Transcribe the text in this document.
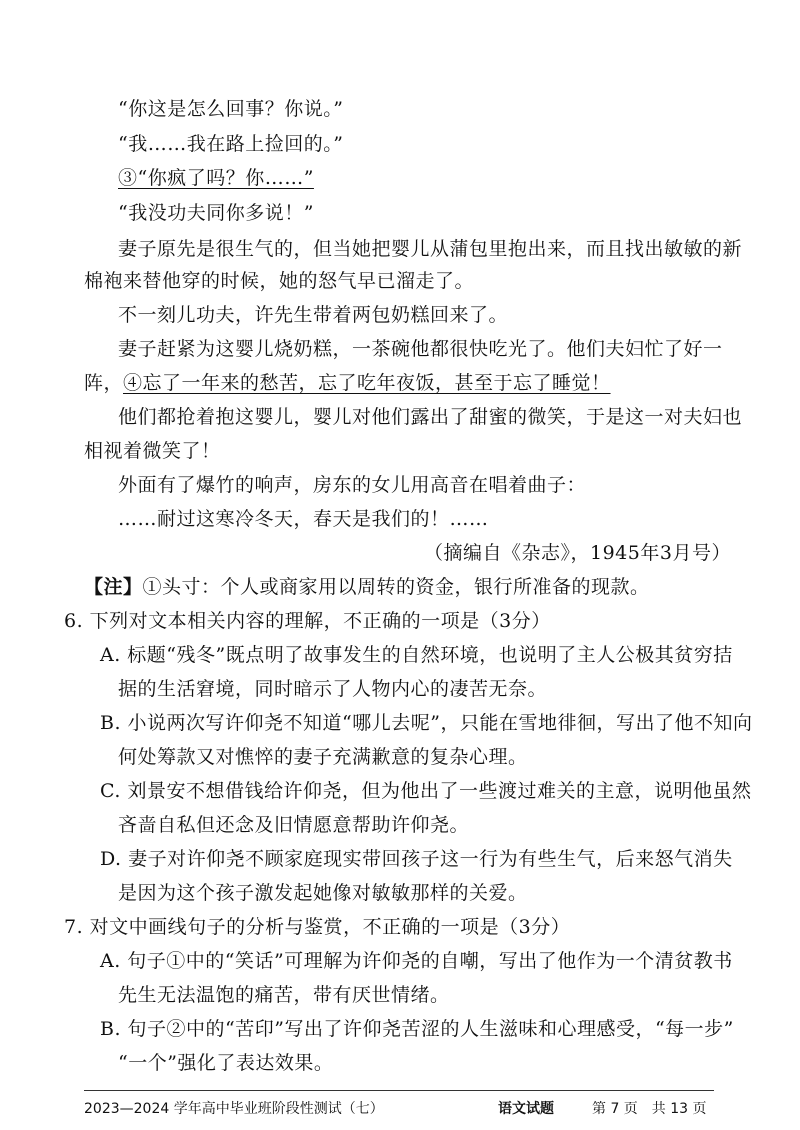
“你这是怎么回事？你说。”
“我……我在路上捡回的。”
③“你疯了吗？你……”
“我没功夫同你多说！”
妻子原先是很生气的，但当她把婴儿从蒲包里抱出来，而且找出敏敏的新
棉袍来替他穿的时候，她的怒气早已溜走了。
不一刻儿功夫，许先生带着两包奶糕回来了。
妻子赶紧为这婴儿烧奶糕，一茶碗他都很快吃光了。他们夫妇忙了好一
阵，④忘了一年来的愁苦，忘了吃年夜饭，甚至于忘了睡觉！
他们都抢着抱这婴儿，婴儿对他们露出了甜蜜的微笑，于是这一对夫妇也
相视着微笑了！
外面有了爆竹的响声，房东的女儿用高音在唱着曲子：
……耐过这寒冷冬天，春天是我们的！……
（摘编自《杂志》，1945年3月号）
【注】①头寸：个人或商家用以周转的资金，银行所准备的现款。
6. 下列对文本相关内容的理解，不正确的一项是（3分）
A. 标题“残冬”既点明了故事发生的自然环境，也说明了主人公极其贫穷拮
据的生活窘境，同时暗示了人物内心的凄苦无奈。
B. 小说两次写许仰尧不知道“哪儿去呢”，只能在雪地徘徊，写出了他不知向
何处筹款又对憔悴的妻子充满歉意的复杂心理。
C. 刘景安不想借钱给许仰尧，但为他出了一些渡过难关的主意，说明他虽然
吝啬自私但还念及旧情愿意帮助许仰尧。
D. 妻子对许仰尧不顾家庭现实带回孩子这一行为有些生气，后来怒气消失
是因为这个孩子激发起她像对敏敏那样的关爱。
7. 对文中画线句子的分析与鉴赏，不正确的一项是（3分）
A. 句子①中的“笑话”可理解为许仰尧的自嘲，写出了他作为一个清贫教书
先生无法温饱的痛苦，带有厌世情绪。
B. 句子②中的“苦印”写出了许仰尧苦涩的人生滋味和心理感受，“每一步”
“一个”强化了表达效果。
2023—2024 学年高中毕业班阶段性测试（七）	语文试题	第 7 页　共 13 页
